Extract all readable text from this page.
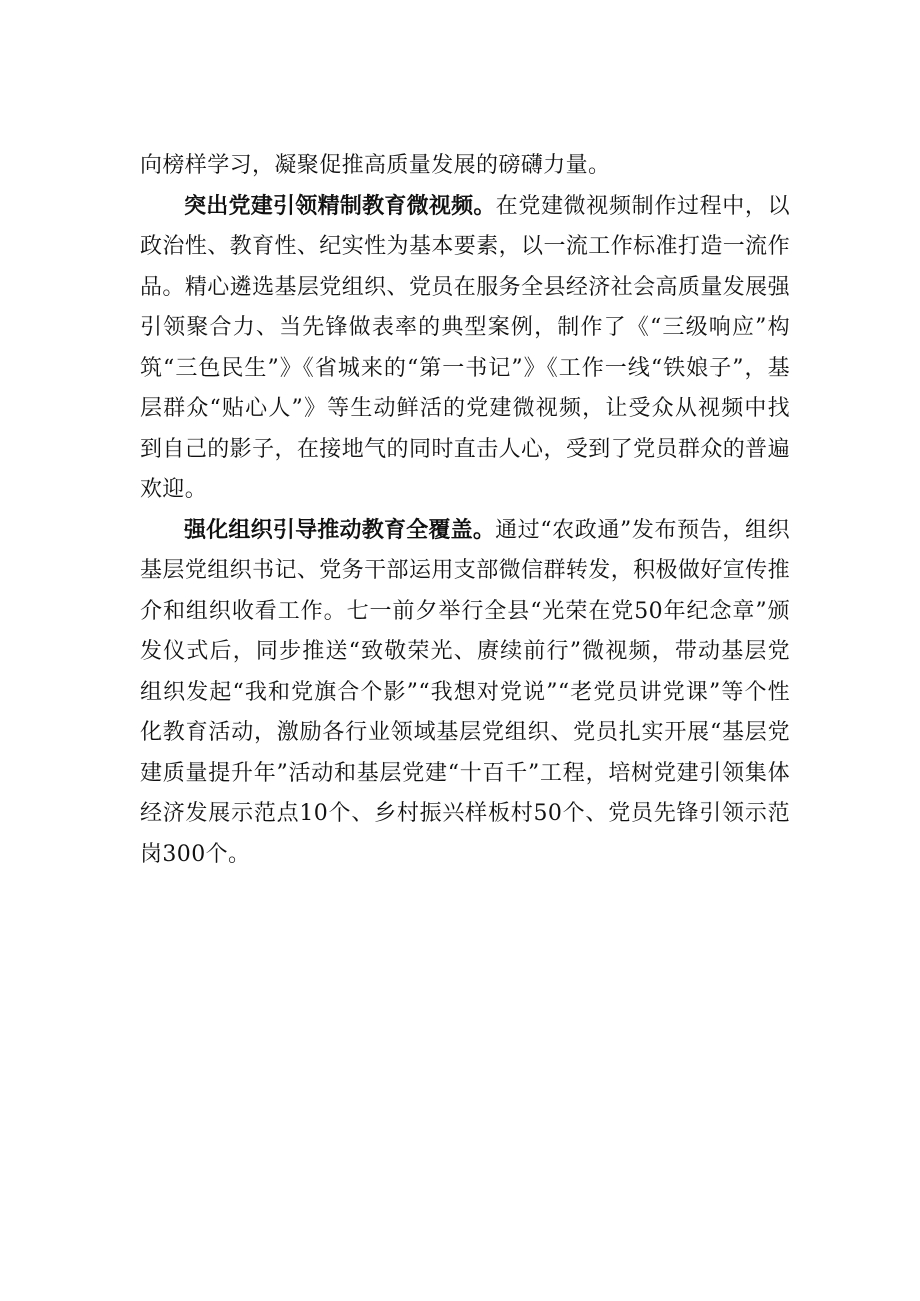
向榜样学习，凝聚促推高质量发展的磅礴力量。

突出党建引领精制教育微视频。在党建微视频制作过程中，以政治性、教育性、纪实性为基本要素，以一流工作标准打造一流作品。精心遴选基层党组织、党员在服务全县经济社会高质量发展强引领聚合力、当先锋做表率的典型案例，制作了《“三级响应”构筑“三色民生”》《省城来的“第一书记”》《工作一线“铁娘子”，基层群众“贴心人”》等生动鲜活的党建微视频，让受众从视频中找到自己的影子，在接地气的同时直击人心，受到了党员群众的普遍欢迎。

强化组织引导推动教育全覆盖。通过“农政通”发布预告，组织基层党组织书记、党务干部运用支部微信群转发，积极做好宣传推介和组织收看工作。七一前夕举行全县“光荣在党50年纪念章”颁发仪式后，同步推送“致敬荣光、赓续前行”微视频，带动基层党组织发起“我和党旗合个影”“我想对党说”“老党员讲党课”等个性化教育活动，激励各行业领域基层党组织、党员扎实开展“基层党建质量提升年”活动和基层党建“十百千”工程，培树党建引领集体经济发展示范点10个、乡村振兴样板村50个、党员先锋引领示范岗300个。
